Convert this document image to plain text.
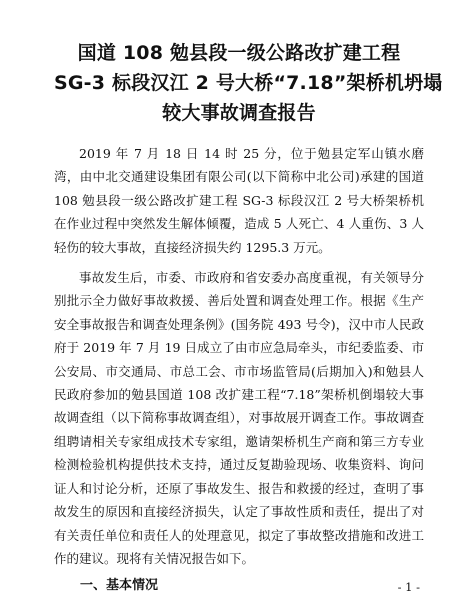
国道 108 勉县段一级公路改扩建工程
SG-3 标段汉江 2 号大桥“7.18”架桥机坍塌
较大事故调查报告

2019 年 7 月 18 日 14 时 25 分，位于勉县定军山镇水磨湾，由中北交通建设集团有限公司(以下简称中北公司)承建的国道 108 勉县段一级公路改扩建工程 SG-3 标段汉江 2 号大桥架桥机在作业过程中突然发生解体倾覆，造成 5 人死亡、4 人重伤、3 人轻伤的较大事故，直接经济损失约 1295.3 万元。

事故发生后，市委、市政府和省安委办高度重视，有关领导分别批示全力做好事故救援、善后处置和调查处理工作。根据《生产安全事故报告和调查处理条例》(国务院 493 号令)，汉中市人民政府于 2019 年 7 月 19 日成立了由市应急局牵头，市纪委监委、市公安局、市交通局、市总工会、市市场监管局(后期加入)和勉县人民政府参加的勉县国道 108 改扩建工程“7.18”架桥机倒塌较大事故调查组（以下简称事故调查组），对事故展开调查工作。事故调查组聘请相关专家组成技术专家组，邀请架桥机生产商和第三方专业检测检验机构提供技术支持，通过反复勘验现场、收集资料、询问证人和讨论分析，还原了事故发生、报告和救援的经过，查明了事故发生的原因和直接经济损失，认定了事故性质和责任，提出了对有关责任单位和责任人的处理意见，拟定了事故整改措施和改进工作的建议。现将有关情况报告如下。

一、基本情况	- 1 -
